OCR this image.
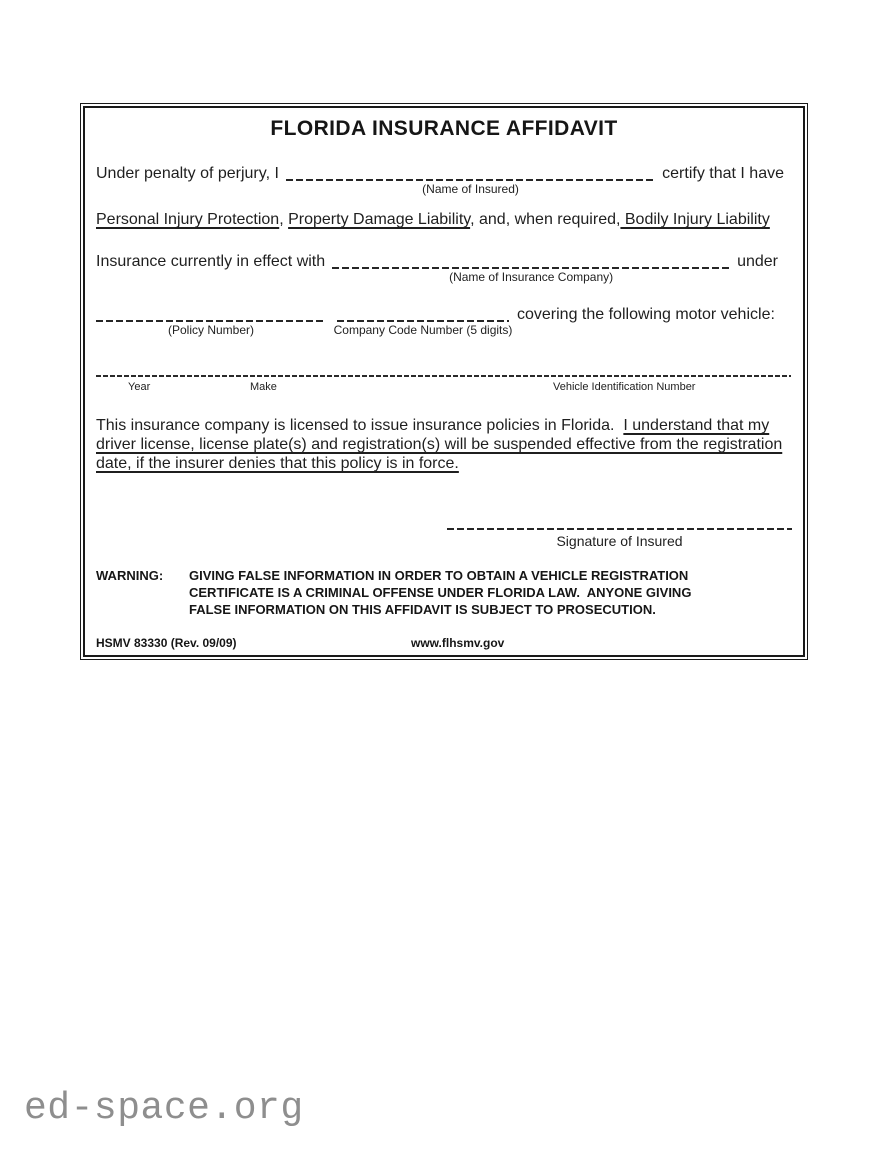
FLORIDA INSURANCE AFFIDAVIT
Under penalty of perjury, I

(Name of Insured)

certify that I have
Personal Injury Protection, Property Damage Liability, and, when required, Bodily Injury Liability
Insurance currently in effect with

(Name of Insurance Company)

under

(Policy Number)

	Company Code Number (5 digits)

covering the following motor vehicle:
Year	Make	Vehicle Identification Number
This insurance company is licensed to issue insurance policies in Florida.  I understand that my
driver license, license plate(s) and registration(s) will be suspended effective from the registration
date, if the insurer denies that this policy is in force.
Signature of Insured
WARNING:	GIVING FALSE INFORMATION IN ORDER TO OBTAIN A VEHICLE REGISTRATION
CERTIFICATE IS A CRIMINAL OFFENSE UNDER FLORIDA LAW.  ANYONE GIVING
FALSE INFORMATION ON THIS AFFIDAVIT IS SUBJECT TO PROSECUTION.
HSMV 83330 (Rev. 09/09)	www.flhsmv.gov
ed-space.org
